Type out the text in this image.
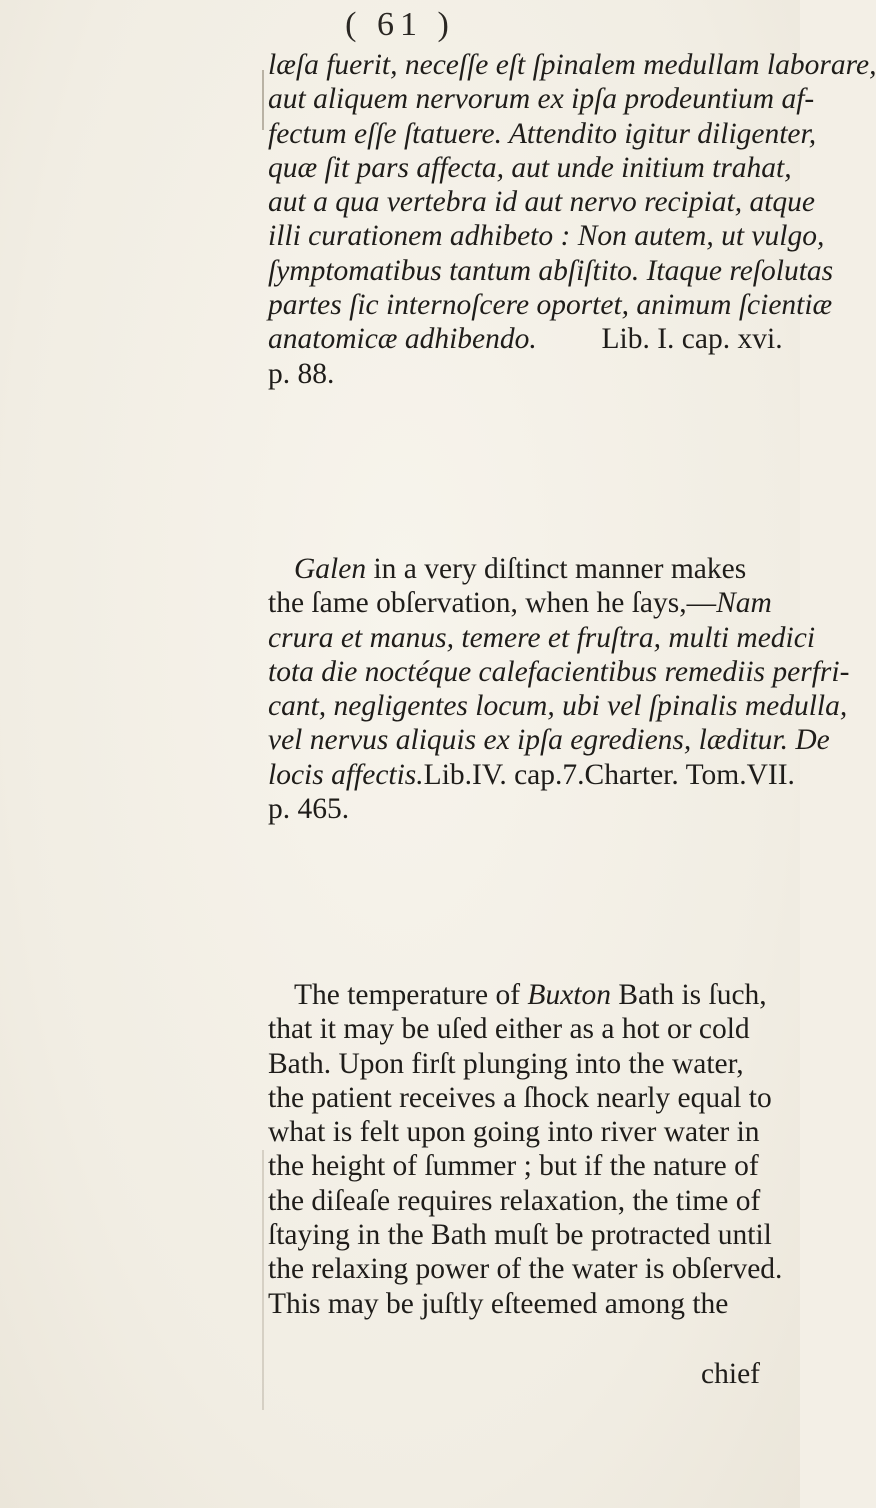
( 61 )
læſa fuerit, neceſſe eſt ſpinalem medullam laborare,
aut aliquem nervorum ex ipſa prodeuntium af-
fectum eſſe ſtatuere. Attendito igitur diligenter,
quæ ſit pars affecta, aut unde initium trahat,
aut a qua vertebra id aut nervo recipiat, atque
illi curationem adhibeto : Non autem, ut vulgo,
ſymptomatibus tantum abſiſtito. Itaque reſolutas
partes ſic internoſcere oportet, animum ſcientiæ
anatomicæ adhibendo. Lib. I. cap. xvi.
p. 88.
Galen in a very diſtinct manner makes
the ſame obſervation, when he ſays,—Nam
crura et manus, temere et fruſtra, multi medici
tota die noctéque calefacientibus remediis perfri-
cant, negligentes locum, ubi vel ſpinalis medulla,
vel nervus aliquis ex ipſa egrediens, læditur. De
locis affectis.Lib.IV. cap.7.Charter. Tom.VII.
p. 465.
The temperature of Buxton Bath is ſuch,
that it may be uſed either as a hot or cold
Bath. Upon firſt plunging into the water,
the patient receives a ſhock nearly equal to
what is felt upon going into river water in
the height of ſummer ; but if the nature of
the diſeaſe requires relaxation, the time of
ſtaying in the Bath muſt be protracted until
the relaxing power of the water is obſerved.
This may be juſtly eſteemed among the
chief
